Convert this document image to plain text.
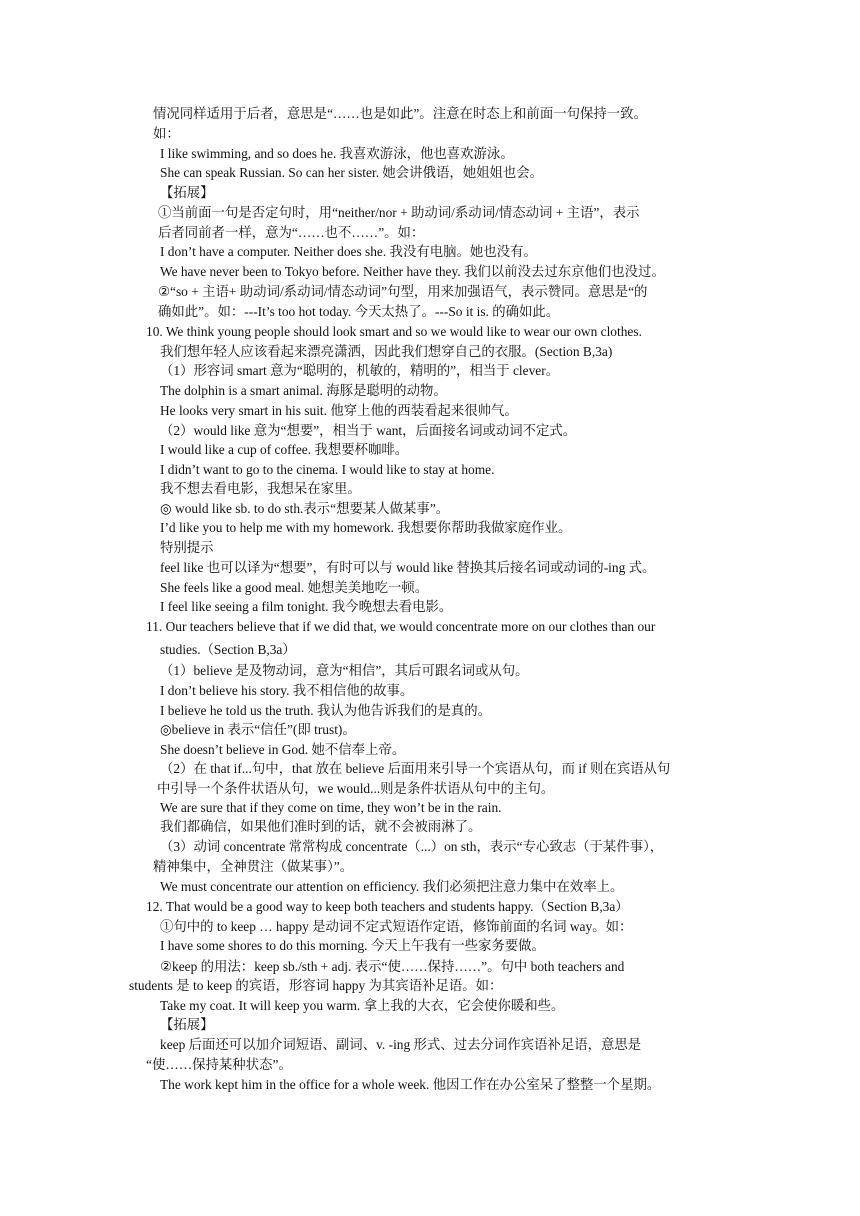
情况同样适用于后者，意思是“……也是如此”。注意在时态上和前面一句保持一致。
如：
I like swimming, and so does he. 我喜欢游泳，他也喜欢游泳。
She can speak Russian. So can her sister. 她会讲俄语，她姐姐也会。
【拓展】
①当前面一句是否定句时，用“neither/nor + 助动词/系动词/情态动词 + 主语”，表示
后者同前者一样，意为“……也不……”。如：
I don’t have a computer. Neither does she. 我没有电脑。她也没有。
We have never been to Tokyo before. Neither have they. 我们以前没去过东京他们也没过。
②“so + 主语+ 助动词/系动词/情态动词”句型，用来加强语气，表示赞同。意思是“的
确如此”。如：---It’s too hot today. 今天太热了。---So it is. 的确如此。
10. We think young people should look smart and so we would like to wear our own clothes.
我们想年轻人应该看起来漂亮潇洒，因此我们想穿自己的衣服。(Section B,3a)
（1）形容词 smart 意为“聪明的，机敏的，精明的”，相当于 clever。
The dolphin is a smart animal. 海豚是聪明的动物。
He looks very smart in his suit. 他穿上他的西装看起来很帅气。
（2）would like 意为“想要”，相当于 want，后面接名词或动词不定式。
I would like a cup of coffee. 我想要杯咖啡。
I didn’t want to go to the cinema. I would like to stay at home.
我不想去看电影，我想呆在家里。
◎ would like sb. to do sth.表示“想要某人做某事”。
I’d like you to help me with my homework. 我想要你帮助我做家庭作业。
特别提示
feel like 也可以译为“想要”，有时可以与 would like 替换其后接名词或动词的-ing 式。
She feels like a good meal. 她想美美地吃一顿。
I feel like seeing a film tonight. 我今晚想去看电影。
11. Our teachers believe that if we did that, we would concentrate more on our clothes than our
studies.（Section B,3a）
（1）believe 是及物动词，意为“相信”，其后可跟名词或从句。
I don’t believe his story. 我不相信他的故事。
I believe he told us the truth. 我认为他告诉我们的是真的。
◎believe in 表示“信任”(即 trust)。
She doesn’t believe in God. 她不信奉上帝。
（2）在 that if...句中，that 放在 believe 后面用来引导一个宾语从句，而 if 则在宾语从句
中引导一个条件状语从句，we would...则是条件状语从句中的主句。
We are sure that if they come on time, they won’t be in the rain.
我们都确信，如果他们准时到的话，就不会被雨淋了。
（3）动词 concentrate 常常构成 concentrate（...）on sth，表示“专心致志（于某件事），
精神集中，全神贯注（做某事）”。
We must concentrate our attention on efficiency. 我们必须把注意力集中在效率上。
12. That would be a good way to keep both teachers and students happy.（Section B,3a）
①句中的 to keep … happy 是动词不定式短语作定语，修饰前面的名词 way。如：
I have some shores to do this morning. 今天上午我有一些家务要做。
②keep 的用法：keep sb./sth + adj. 表示“使……保持……”。句中 both teachers and
students 是 to keep 的宾语，形容词 happy 为其宾语补足语。如：
Take my coat. It will keep you warm. 拿上我的大衣，它会使你暖和些。
【拓展】
keep 后面还可以加介词短语、副词、v. -ing 形式、过去分词作宾语补足语，意思是
“使……保持某种状态”。
The work kept him in the office for a whole week. 他因工作在办公室呆了整整一个星期。
